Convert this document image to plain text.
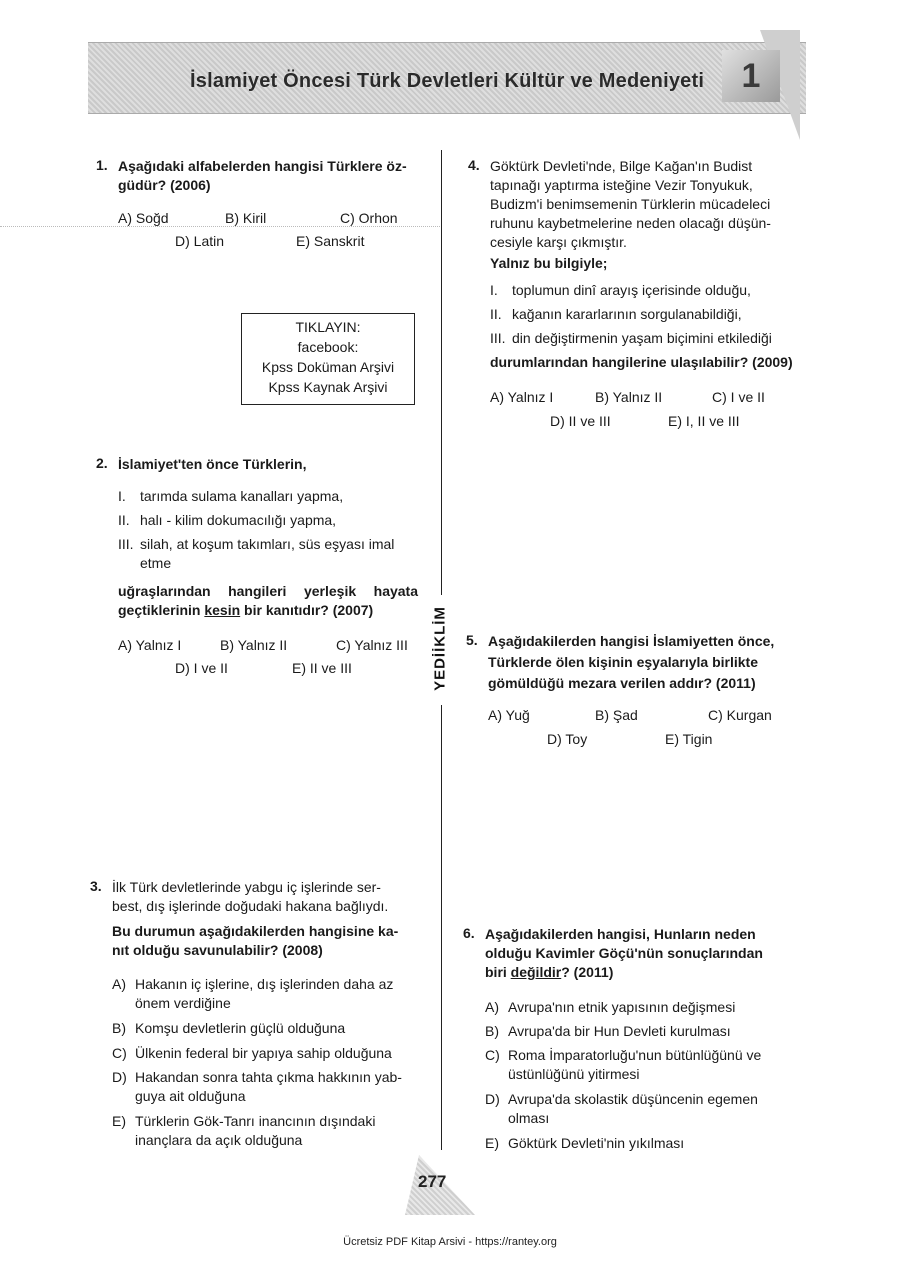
İslamiyet Öncesi Türk Devletleri Kültür ve Medeniyeti	1
YEDİİKLİM
1. Aşağıdaki alfabelerden hangisi Türklere öz-
güdür? (2006)
A) Soğd	B) Kiril	C) Orhon
D) Latin	E) Sanskrit
TIKLAYIN:
facebook:
Kpss Doküman Arşivi
Kpss Kaynak Arşivi
2. İslamiyet'ten önce Türklerin,
I. tarımda sulama kanalları yapma,
II. halı - kilim dokumacılığı yapma,
III. silah, at koşum takımları, süs eşyası imal
etme
uğraşlarından hangileri yerleşik hayata
geçtiklerinin kesin bir kanıtıdır? (2007)
A) Yalnız I	B) Yalnız II	C) Yalnız III
D) I ve II	E) II ve III
3. İlk Türk devletlerinde yabgu iç işlerinde ser-
best, dış işlerinde doğudaki hakana bağlıydı.
Bu durumun aşağıdakilerden hangisine ka-
nıt olduğu savunulabilir? (2008)
A) Hakanın iç işlerine, dış işlerinden daha az
önem verdiğine
B) Komşu devletlerin güçlü olduğuna
C) Ülkenin federal bir yapıya sahip olduğuna
D) Hakandan sonra tahta çıkma hakkının yab-
guya ait olduğuna
E) Türklerin Gök-Tanrı inancının dışındaki
inançlara da açık olduğuna
4. Göktürk Devleti'nde, Bilge Kağan'ın Budist
tapınağı yaptırma isteğine Vezir Tonyukuk,
Budizm'i benimsemenin Türklerin mücadeleci
ruhunu kaybetmelerine neden olacağı düşün-
cesiyle karşı çıkmıştır.
Yalnız bu bilgiyle;
I. toplumun dinî arayış içerisinde olduğu,
II. kağanın kararlarının sorgulanabildiği,
III. din değiştirmenin yaşam biçimini etkilediği
durumlarından hangilerine ulaşılabilir? (2009)
A) Yalnız I	B) Yalnız II	C) I ve II
D) II ve III	E) I, II ve III
5. Aşağıdakilerden hangisi İslamiyetten önce,
Türklerde ölen kişinin eşyalarıyla birlikte
gömüldüğü mezara verilen addır? (2011)
A) Yuğ	B) Şad	C) Kurgan
D) Toy	E) Tigin
6. Aşağıdakilerden hangisi, Hunların neden
olduğu Kavimler Göçü'nün sonuçlarından
biri değildir? (2011)
A) Avrupa'nın etnik yapısının değişmesi
B) Avrupa'da bir Hun Devleti kurulması
C) Roma İmparatorluğu'nun bütünlüğünü ve
üstünlüğünü yitirmesi
D) Avrupa'da skolastik düşüncenin egemen
olması
E) Göktürk Devleti'nin yıkılması
277
Ücretsiz PDF Kitap Arsivi - https://rantey.org
